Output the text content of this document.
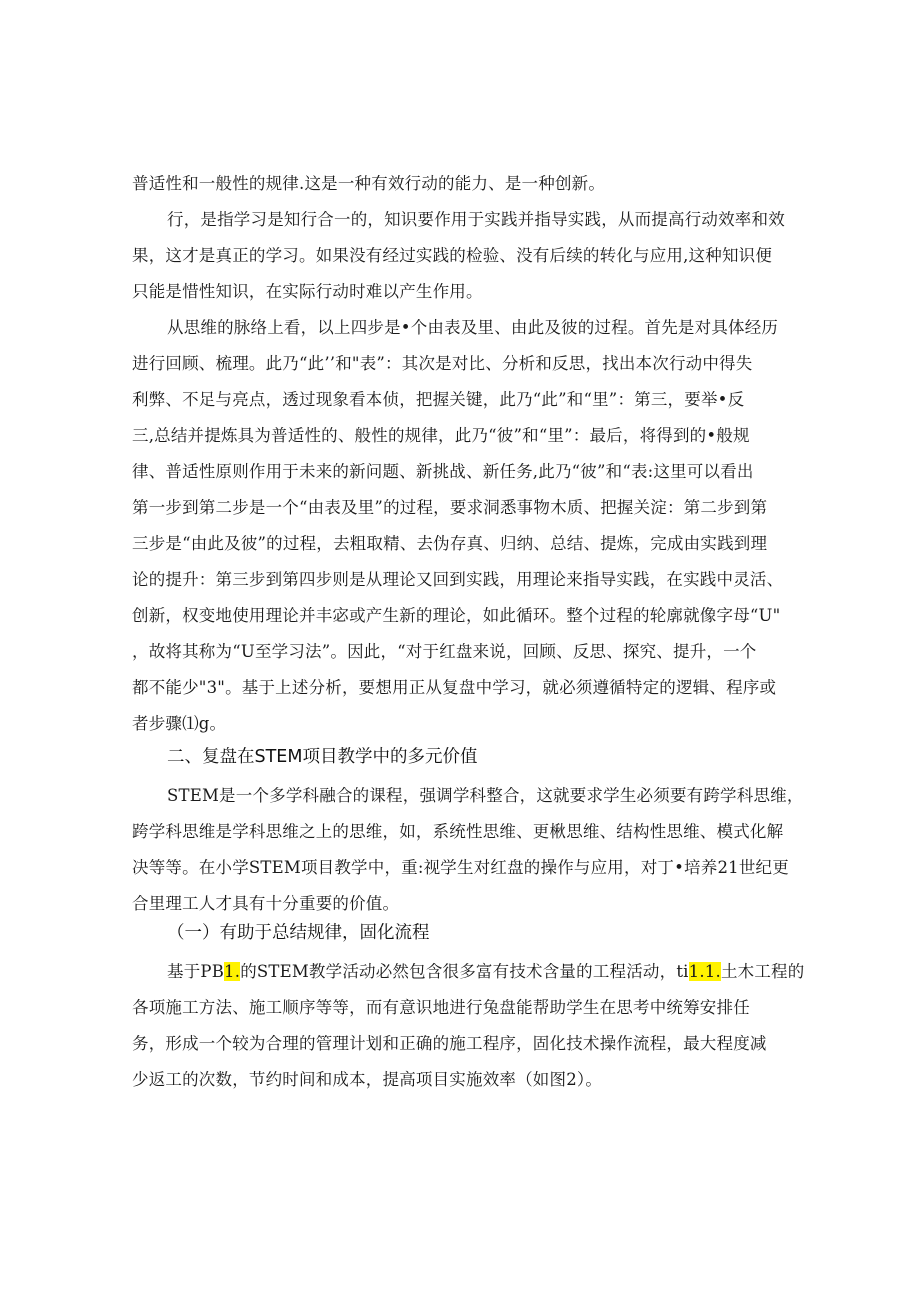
普适性和一般性的规律.这是一种有效行动的能力、是一种创新。
行，是指学习是知行合一的，知识要作用于实践并指导实践，从而提高行动效率和效
果，这才是真正的学习。如果没有经过实践的检验、没有后续的转化与应用,这种知识便
只能是惜性知识，在实际行动时难以产生作用。
从思维的脉络上看，以上四步是•个由表及里、由此及彼的过程。首先是对具体经历
进行回顾、梳理。此乃“此’’和"表”：其次是对比、分析和反思，找出本次行动中得失
利弊、不足与亮点，透过现象看本侦，把握关键，此乃“此”和“里”：第三，要举•反
三,总结并提炼具为普适性的、般性的规律，此乃“彼”和“里”：最后，将得到的•般规
律、普适性原则作用于未来的新问题、新挑战、新任务,此乃“彼”和“表:这里可以看出
第一步到第二步是一个“由表及里”的过程，要求洞悉事物木质、把握关淀：第二步到第
三步是“由此及彼”的过程，去粗取精、去伪存真、归纳、总结、提炼，完成由实践到理
论的提升：第三步到第四步则是从理论又回到实践，用理论来指导实践，在实践中灵活、
创新，权变地使用理论并丰宓或产生新的理论，如此循环。整个过程的轮廓就像字母“U"
，故将其称为“U至学习法”。因此，“对于红盘来说，回顾、反思、探究、提升，一个
都不能少"3"。基于上述分析，要想用正从复盘中学习，就必须遵循特定的逻辑、程序或
者步骤⑴g。
二、复盘在STEM项目教学中的多元价值
STEM是一个多学科融合的课程，强调学科整合，这就要求学生必须要有跨学科思维，
跨学科思维是学科思维之上的思维，如，系统性思维、更楸思维、结构性思维、模式化解
决等等。在小学STEM项目教学中，重:视学生对红盘的操作与应用，对丁•培养21世纪更
合里理工人才具有十分重要的价值。
（一）有助于总结规律，固化流程
基于PB1.的STEM教学活动必然包含很多富有技术含量的工程活动，ti1.1.土木工程的
各项施工方法、施工顺序等等，而有意识地进行兔盘能帮助学生在思考中统筹安排任
务，形成一个较为合理的管理计划和正确的施工程序，固化技术操作流程，最大程度减
少返工的次数，节约时间和成本，提高项目实施效率（如图2）。
